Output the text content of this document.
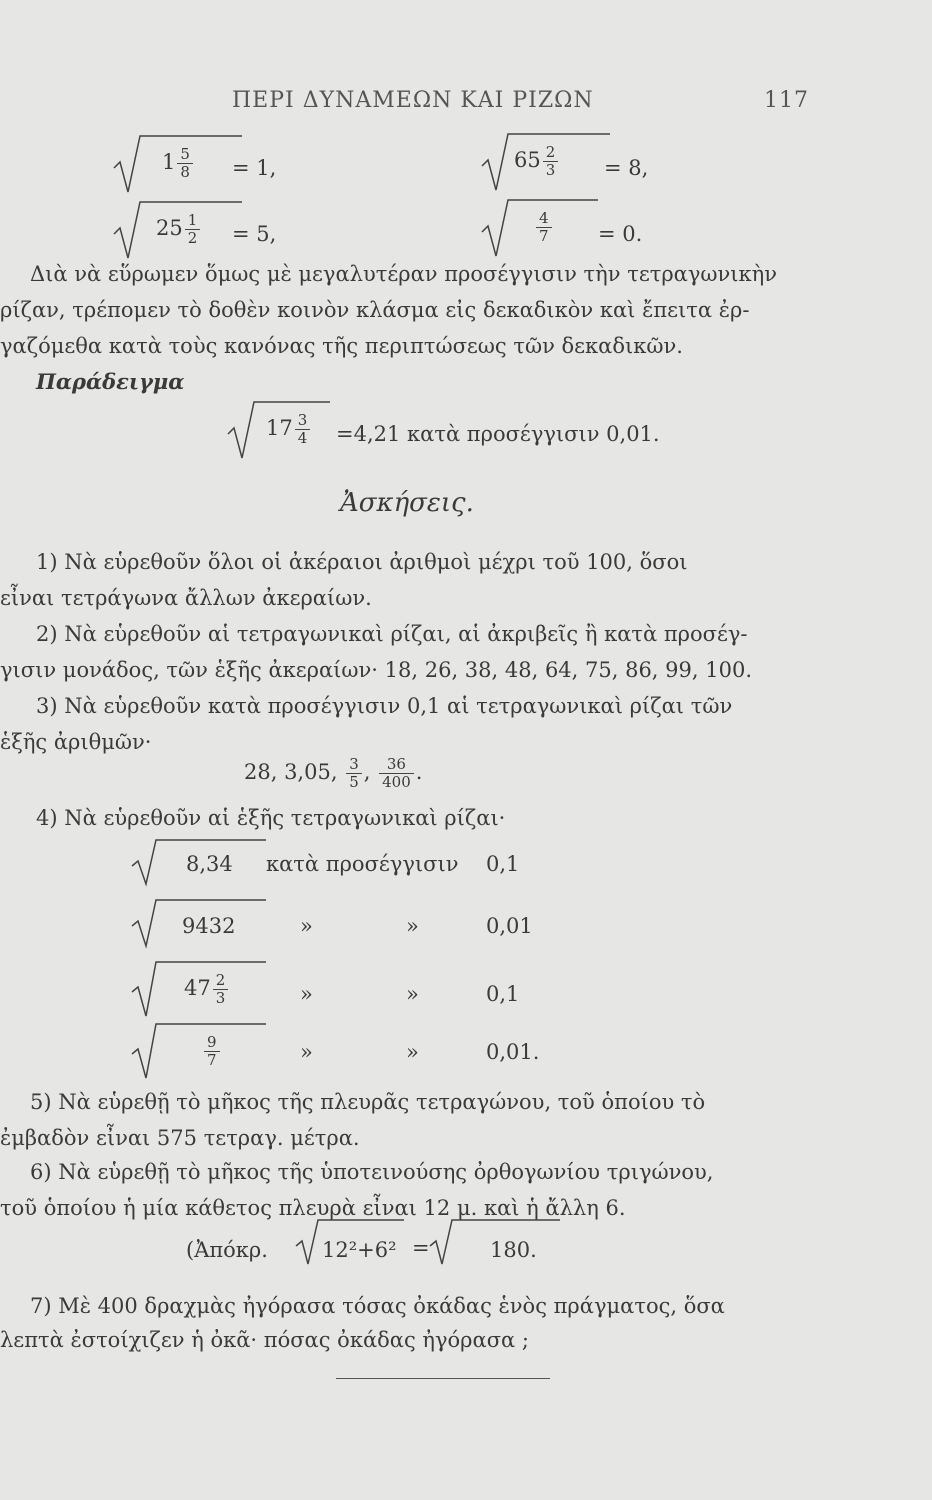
ΠΕΡΙ ΔΥΝΑΜΕΩΝ ΚΑΙ ΡΙΖΩΝ	117
$1 \frac{5}{8} = 1$,	$65 \frac{2}{3} = 8$,
$25 \frac{1}{2} = 5$,	$\frac{4}{7} = 0$.
Διὰ νὰ εὕρωμεν ὅμως μὲ μεγαλυτέραν προσέγγισιν τὴν τετραγωνικὴν
ρίζαν, τρέπομεν τὸ δοθὲν κοινὸν κλάσμα εἰς δεκαδικὸν καὶ ἔπειτα ἐρ-
γαζόμεθα κατὰ τοὺς κανόνας τῆς περιπτώσεως τῶν δεκαδικῶν.
Παράδειγμα
$17 \frac{3}{4} =4,21$ κατὰ προσέγγισιν 0,01.
Ἀσκήσεις.
1) Νὰ εὑρεθοῦν ὅλοι οἱ ἀκέραιοι ἀριθμοὶ μέχρι τοῦ 100, ὅσοι
εἶναι τετράγωνα ἄλλων ἀκεραίων.
2) Νὰ εὑρεθοῦν αἱ τετραγωνικαὶ ρίζαι, αἱ ἀκριβεῖς ἢ κατὰ προσέγ-
γισιν μονάδος, τῶν ἑξῆς ἀκεραίων· 18, 26, 38, 48, 64, 75, 86, 99, 100.
3) Νὰ εὑρεθοῦν κατὰ προσέγγισιν 0,1 αἱ τετραγωνικαὶ ρίζαι τῶν
ἑξῆς ἀριθμῶν·
28, 3,05, $\frac{3}{5}$ , $\frac{36}{400}$ .
4) Νὰ εὑρεθοῦν αἱ ἑξῆς τετραγωνικαὶ ρίζαι·
8,34 κατὰ προσέγγισιν 0,1
9432	»	»	0,01
$47 \frac{2}{3}$	»	»	0,1
$\frac{9}{7}$	»	»	0,01.
5) Νὰ εὑρεθῇ τὸ μῆκος τῆς πλευρᾶς τετραγώνου, τοῦ ὁποίου τὸ
ἐμβαδὸν εἶναι 575 τετραγ. μέτρα.
6) Νὰ εὑρεθῇ τὸ μῆκος τῆς ὑποτεινούσης ὀρθογωνίου τριγώνου,
τοῦ ὁποίου ἡ μία κάθετος πλευρὰ εἶναι 12 μ. καὶ ἡ ἄλλη 6.
(Ἀπόκρ.	12²+6² =	180.
7) Μὲ 400 δραχμὰς ἠγόρασα τόσας ὀκάδας ἑνὸς πράγματος, ὅσα
λεπτὰ ἐστοίχιζεν ἡ ὀκᾶ· πόσας ὀκάδας ἠγόρασα ;
